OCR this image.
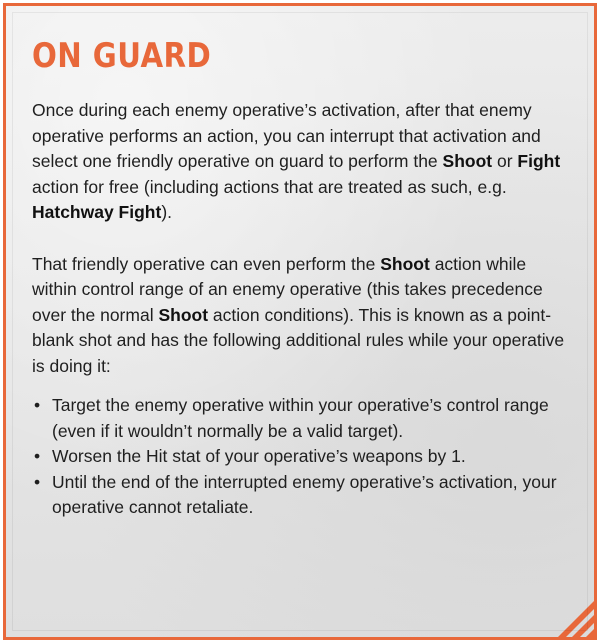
ON GUARD

Once during each enemy operative’s activation, after that enemy operative performs an action, you can interrupt that activation and select one friendly operative on guard to perform the Shoot or Fight action for free (including actions that are treated as such, e.g. Hatchway Fight).

That friendly operative can even perform the Shoot action while within control range of an enemy operative (this takes precedence over the normal Shoot action conditions). This is known as a point-blank shot and has the following additional rules while your operative is doing it:

• Target the enemy operative within your operative’s control range (even if it wouldn’t normally be a valid target).
• Worsen the Hit stat of your operative’s weapons by 1.
• Until the end of the interrupted enemy operative’s activation, your operative cannot retaliate.
